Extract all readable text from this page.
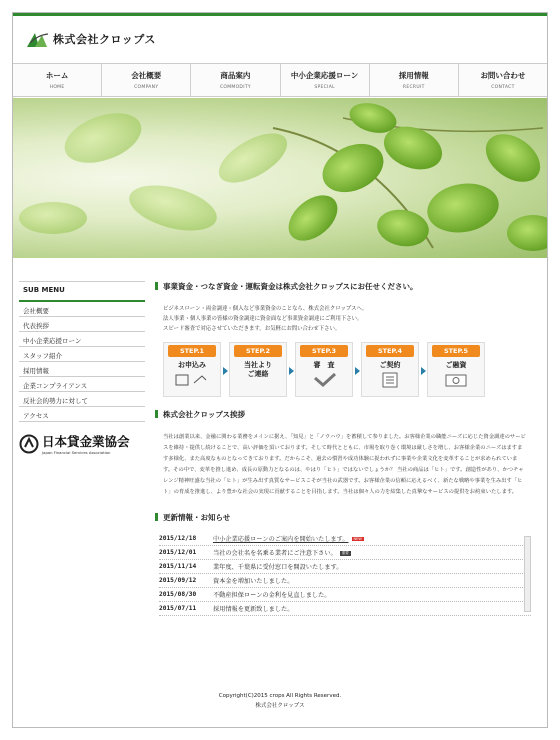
株式会社クロップス
ホーム
HOME
会社概要
COMPANY
商品案内
COMMODITY
中小企業応援ローン
SPECIAL
採用情報
RECRUIT
お問い合わせ
CONTACT
SUB MENU
会社概要
代表挨拶
中小企業応援ローン
スタッフ紹介
採用情報
企業コンプライアンス
反社会的勢力に対して
アクセス
日本貸金業協会
Japan Financial Services Association
事業資金・つなぎ資金・運転資金は株式会社クロップスにお任せください。
ビジネスローン・両金調達・個入など事業資金のことなら、株式会社クロップスへ。
法人事業・個人事業の皆様の資金調達に資金面など事業資金調達にご利用下さい。
スピード審査で対応させていただきます。お気軽にお問い合わせ下さい。
STEP.1
お申込み
STEP.2
当社より
ご連絡
STEP.3
審　査
STEP.4
ご契約
STEP.5
ご融資
株式会社クロップス挨拶
当社は創業以来、金融に関わる業務をメインに据え、「知見」と「ノウハウ」を蓄積して参りました。お客様企業の職能ニーズに応じた資金調達のサービスを維持・提供し続けることで、高い評価を頂いております。そして時代とともに、市場を取り巻く環境は厳しさを増し、お客様企業のニーズはますます多様化、また高度なものとなってきております。だからこそ、過去の慣習や成功体験に捉われずに事業や企業文化を変革することが求められています。その中で、変革を推し進め、成長の原動力となるのは、やはり「ヒト」ではないでしょうか？ 当社の商品は「ヒト」です。創造性があり、かつチャレンジ精神旺盛な当社の「ヒト」が生み出す真質なサービスこそが当社の武器です。お客様企業の信頼に応えるべく、新たな戦略や事業を生み出す「ヒト」の育成を推進し、より豊かな社会の実現に貢献することを目指します。当社は個々人の力を結集した真摯なサービスの提供をお約束いたします。
更新情報・お知らせ
2015/12/18	中小企業応援ローンのご案内を開始いたします。 NEW
2015/12/01	当社の会社名を名乗る業者にご注意下さい。 重要
2015/11/14	業年度、千葉県に受付窓口を開設いたします。
2015/09/12	資本金を増加いたしました。
2015/08/30	不動産担保ローンの金利を見直しました。
2015/07/11	採用情報を更新致しました。
Copyright(C)2015 crops All Rights Reserved.
株式会社クロップス
